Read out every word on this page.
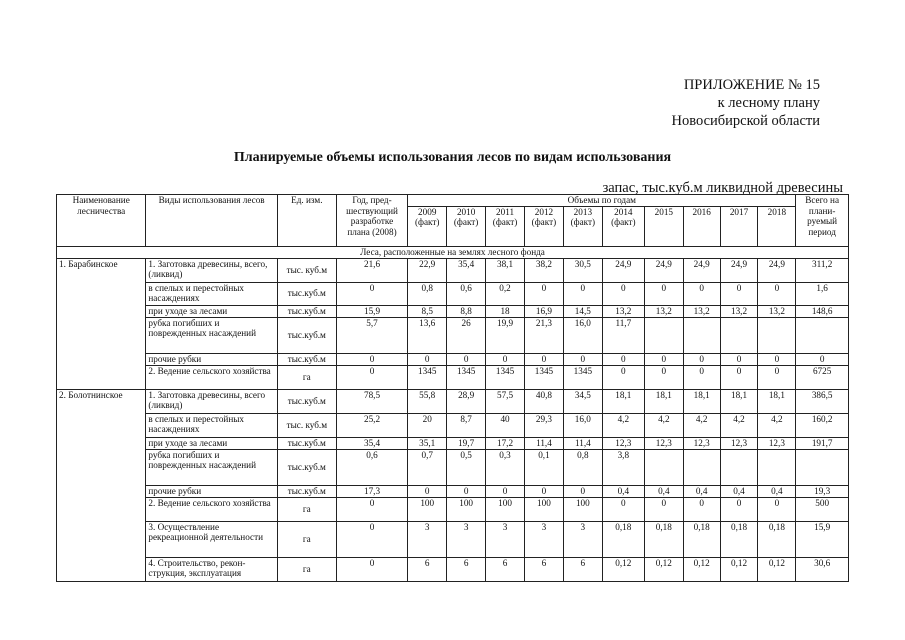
ПРИЛОЖЕНИЕ № 15
к лесному плану
Новосибирской области
Планируемые объемы использования лесов по видам использования
запас, тыс.куб.м ликвидной древесины
Наименование лесничества	Виды использования лесов	Ед. изм.	Год, пред-шествующий разработке плана (2008)	Объемы по годам										Всего на плани-руемый период
				2009 (факт)	2010 (факт)	2011 (факт)	2012 (факт)	2013 (факт)	2014 (факт)	2015	2016	2017	2018	
Леса, расположенные на землях лесного фонда														
1. Барабинское	1. Заготовка древесины, всего, (ликвид)	тыс. куб.м	21,6	22,9	35,4	38,1	38,2	30,5	24,9	24,9	24,9	24,9	24,9	311,2
	в спелых и перестойных насаждениях	тыс.куб.м	0	0,8	0,6	0,2	0	0	0	0	0	0	0	1,6
	при уходе за лесами	тыс.куб.м	15,9	8,5	8,8	18	16,9	14,5	13,2	13,2	13,2	13,2	13,2	148,6
	рубка погибших и поврежденных насаждений	тыс.куб.м	5,7	13,6	26	19,9	21,3	16,0	11,7					
	прочие рубки	тыс.куб.м	0	0	0	0	0	0	0	0	0	0	0	0
	2. Ведение сельского хозяйства	га	0	1345	1345	1345	1345	1345	0	0	0	0	0	6725
2. Болотнинское	1. Заготовка древесины, всего (ликвид)	тыс.куб.м	78,5	55,8	28,9	57,5	40,8	34,5	18,1	18,1	18,1	18,1	18,1	386,5
	в спелых и перестойных насаждениях	тыс. куб.м	25,2	20	8,7	40	29,3	16,0	4,2	4,2	4,2	4,2	4,2	160,2
	при уходе за лесами	тыс.куб.м	35,4	35,1	19,7	17,2	11,4	11,4	12,3	12,3	12,3	12,3	12,3	191,7
	рубка погибших и поврежденных насаждений	тыс.куб.м	0,6	0,7	0,5	0,3	0,1	0,8	3,8					
	прочие рубки	тыс.куб.м	17,3	0	0	0	0	0	0,4	0,4	0,4	0,4	0,4	19,3
	2. Ведение сельского хозяйства	га	0	100	100	100	100	100	0	0	0	0	0	500
	3. Осуществление рекреационной деятельности	га	0	3	3	3	3	3	0,18	0,18	0,18	0,18	0,18	15,9
	4. Строительство, рекон-струкция, эксплуатация	га	0	6	6	6	6	6	0,12	0,12	0,12	0,12	0,12	30,6
